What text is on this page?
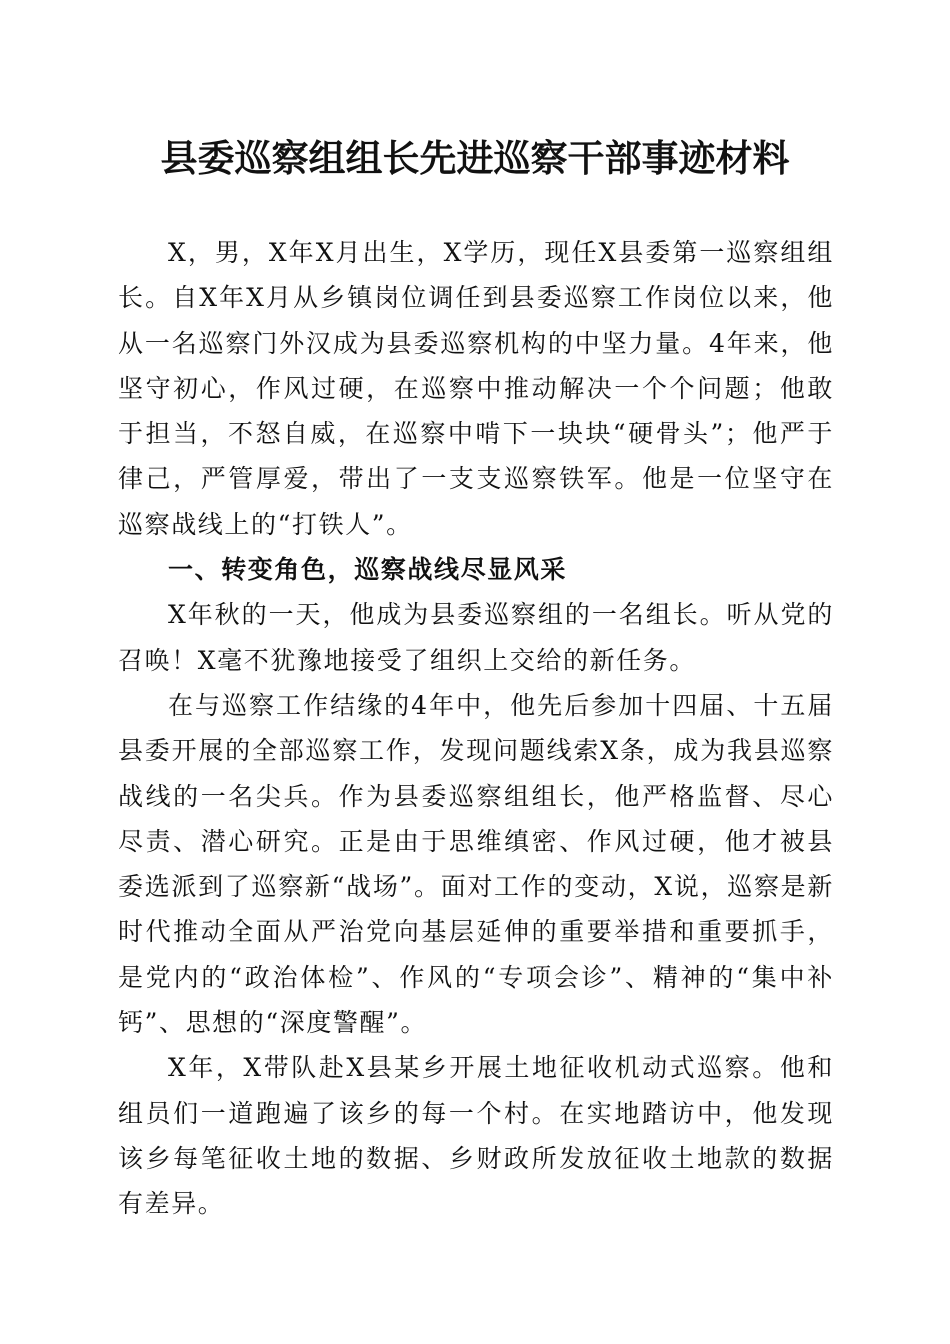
县委巡察组组长先进巡察干部事迹材料

X，男，X年X月出生，X学历，现任X县委第一巡察组组长。自X年X月从乡镇岗位调任到县委巡察工作岗位以来，他从一名巡察门外汉成为县委巡察机构的中坚力量。4年来，他坚守初心，作风过硬，在巡察中推动解决一个个问题；他敢于担当，不怒自威，在巡察中啃下一块块“硬骨头”；他严于律己，严管厚爱，带出了一支支巡察铁军。他是一位坚守在巡察战线上的“打铁人”。

一、转变角色，巡察战线尽显风采

X年秋的一天，他成为县委巡察组的一名组长。听从党的召唤！X毫不犹豫地接受了组织上交给的新任务。

在与巡察工作结缘的4年中，他先后参加十四届、十五届县委开展的全部巡察工作，发现问题线索X条，成为我县巡察战线的一名尖兵。作为县委巡察组组长，他严格监督、尽心尽责、潜心研究。正是由于思维缜密、作风过硬，他才被县委选派到了巡察新“战场”。面对工作的变动，X说，巡察是新时代推动全面从严治党向基层延伸的重要举措和重要抓手，是党内的“政治体检”、作风的“专项会诊”、精神的“集中补钙”、思想的“深度警醒”。

X年，X带队赴X县某乡开展土地征收机动式巡察。他和组员们一道跑遍了该乡的每一个村。在实地踏访中，他发现该乡每笔征收土地的数据、乡财政所发放征收土地款的数据有差异。
